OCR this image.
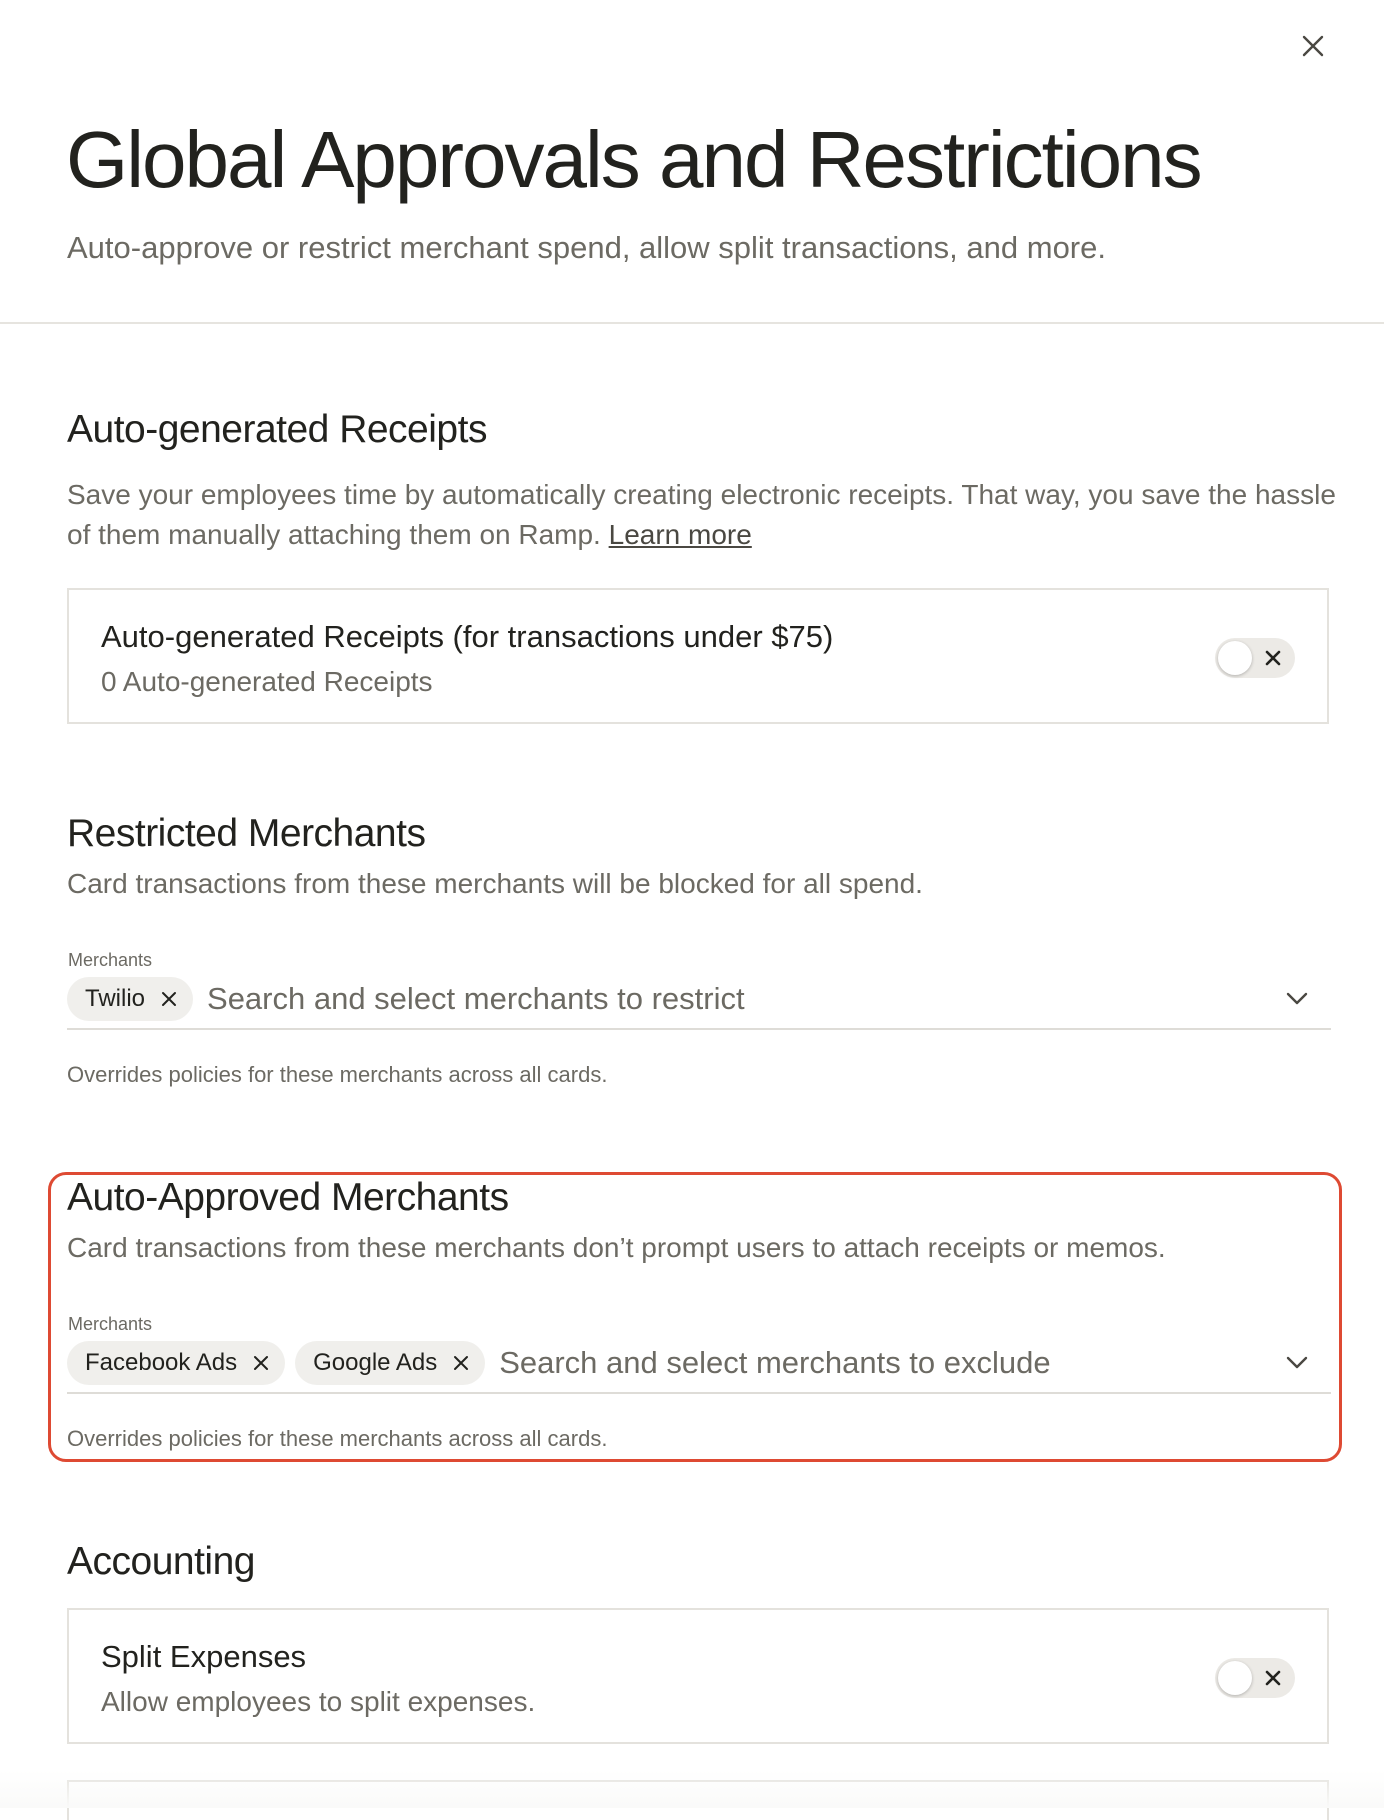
Global Approvals and Restrictions

Auto-approve or restrict merchant spend, allow split transactions, and more.

Auto-generated Receipts

Save your employees time by automatically creating electronic receipts. That way, you save the hassle of them manually attaching them on Ramp. Learn more

Auto-generated Receipts (for transactions under $75)
0 Auto-generated Receipts
Restricted Merchants

Card transactions from these merchants will be blocked for all spend.

Merchants

Twilio
Search and select merchants to restrict

Overrides policies for these merchants across all cards.

Auto-Approved Merchants

Card transactions from these merchants don’t prompt users to attach receipts or memos.

Merchants

Facebook Ads	Google Ads
Search and select merchants to exclude

Overrides policies for these merchants across all cards.

Accounting
Split Expenses
Allow employees to split expenses.
